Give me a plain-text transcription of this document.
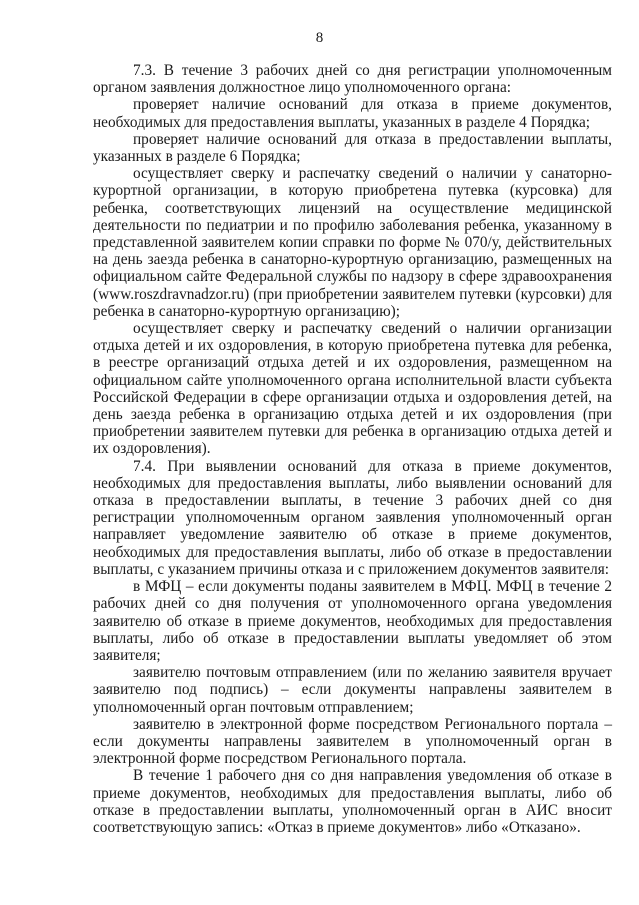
8

7.3. В течение 3 рабочих дней со дня регистрации уполномоченным органом заявления должностное лицо уполномоченного органа:

проверяет наличие оснований для отказа в приеме документов, необходимых для предоставления выплаты, указанных в разделе 4 Порядка;

проверяет наличие оснований для отказа в предоставлении выплаты, указанных в разделе 6 Порядка;

осуществляет сверку и распечатку сведений о наличии у санаторно-курортной организации, в которую приобретена путевка (курсовка) для ребенка, соответствующих лицензий на осуществление медицинской деятельности по педиатрии и по профилю заболевания ребенка, указанному в представленной заявителем копии справки по форме № 070/у, действительных на день заезда ребенка в санаторно-курортную организацию, размещенных на официальном сайте Федеральной службы по надзору в сфере здравоохранения (www.roszdravnadzor.ru) (при приобретении заявителем путевки (курсовки) для ребенка в санаторно-курортную организацию);

осуществляет сверку и распечатку сведений о наличии организации отдыха детей и их оздоровления, в которую приобретена путевка для ребенка, в реестре организаций отдыха детей и их оздоровления, размещенном на официальном сайте уполномоченного органа исполнительной власти субъекта Российской Федерации в сфере организации отдыха и оздоровления детей, на день заезда ребенка в организацию отдыха детей и их оздоровления (при приобретении заявителем путевки для ребенка в организацию отдыха детей и их оздоровления).

7.4. При выявлении оснований для отказа в приеме документов, необходимых для предоставления выплаты, либо выявлении оснований для отказа в предоставлении выплаты, в течение 3 рабочих дней со дня регистрации уполномоченным органом заявления уполномоченный орган направляет уведомление заявителю об отказе в приеме документов, необходимых для предоставления выплаты, либо об отказе в предоставлении выплаты, с указанием причины отказа и с приложением документов заявителя:

в МФЦ – если документы поданы заявителем в МФЦ. МФЦ в течение 2 рабочих дней со дня получения от уполномоченного органа уведомления заявителю об отказе в приеме документов, необходимых для предоставления выплаты, либо об отказе в предоставлении выплаты уведомляет об этом заявителя;

заявителю почтовым отправлением (или по желанию заявителя вручает заявителю под подпись) – если документы направлены заявителем в уполномоченный орган почтовым отправлением;

заявителю в электронной форме посредством Регионального портала – если документы направлены заявителем в уполномоченный орган в электронной форме посредством Регионального портала.

В течение 1 рабочего дня со дня направления уведомления об отказе в приеме документов, необходимых для предоставления выплаты, либо об отказе в предоставлении выплаты, уполномоченный орган в АИС вносит соответствующую запись: «Отказ в приеме документов» либо «Отказано».
